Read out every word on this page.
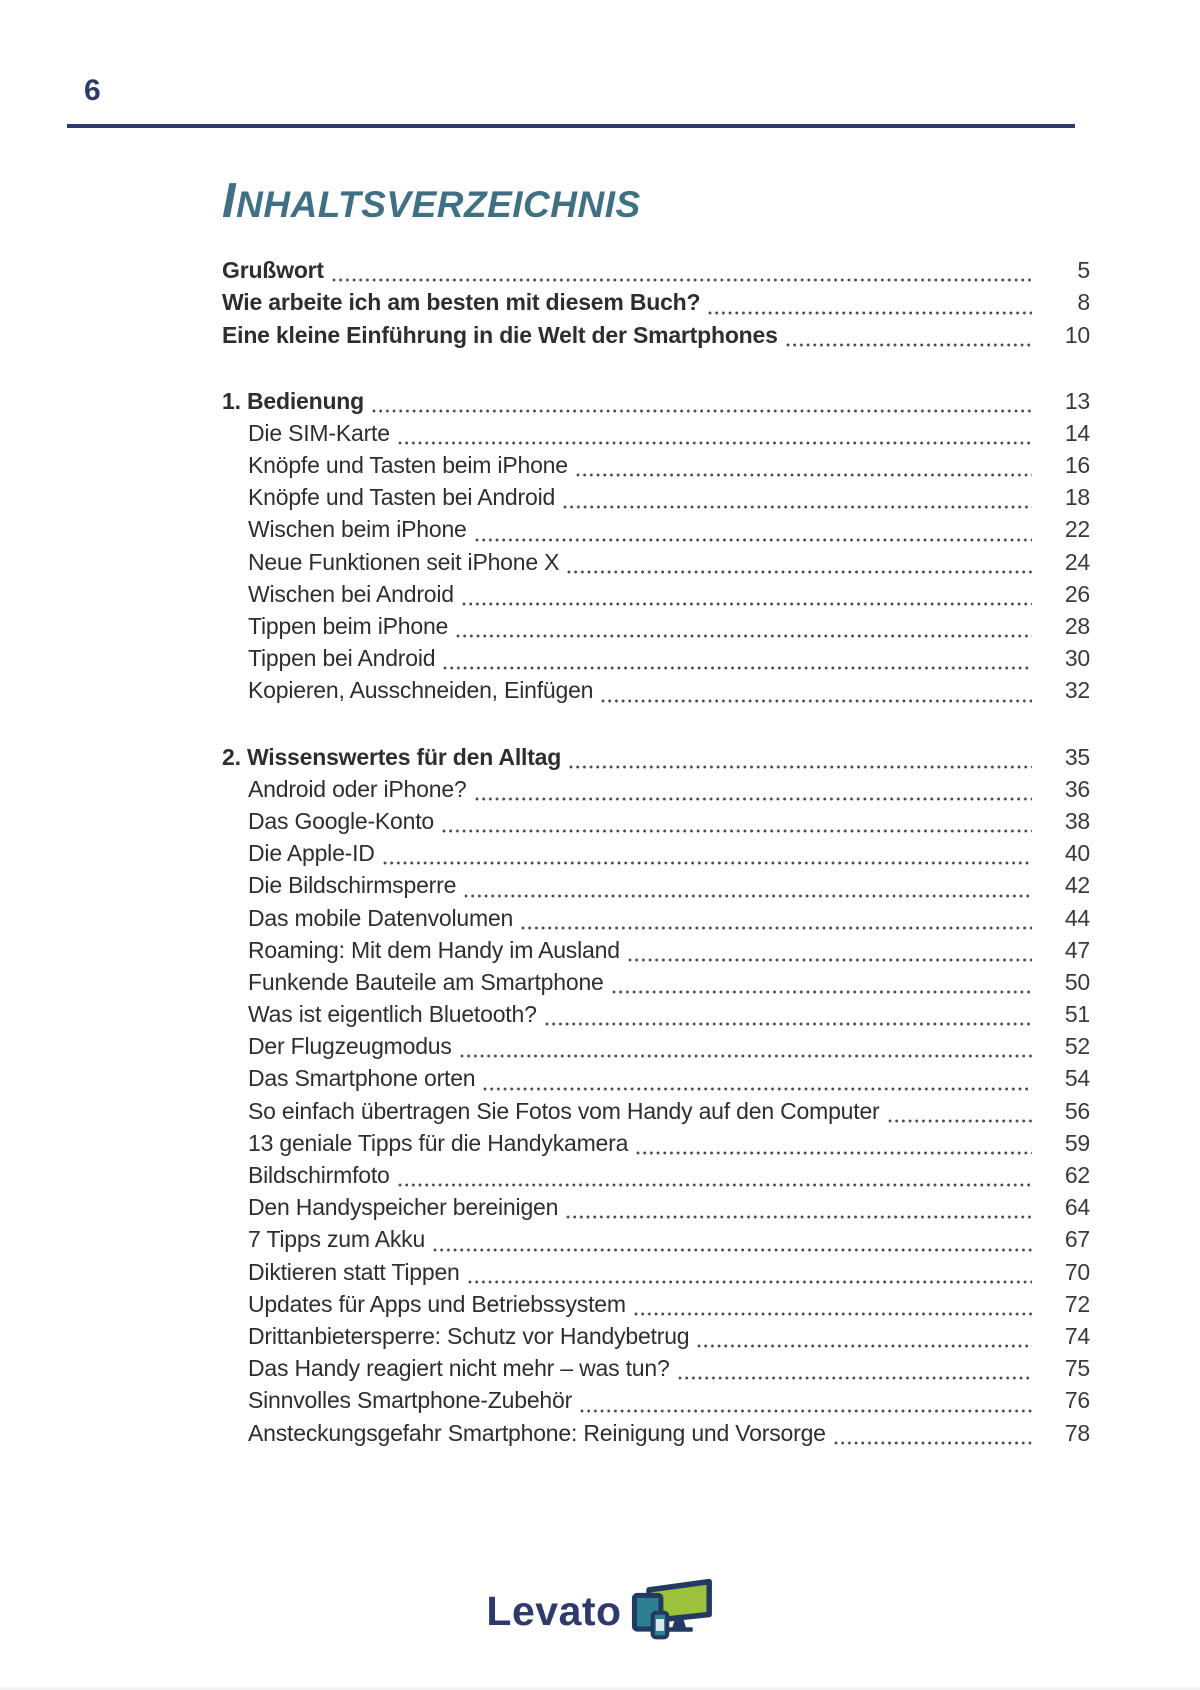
6
INHALTSVERZEICHNIS
Grußwort	5
Wie arbeite ich am besten mit diesem Buch?	8
Eine kleine Einführung in die Welt der Smartphones	10
1. Bedienung	13
Die SIM-Karte	14
Knöpfe und Tasten beim iPhone	16
Knöpfe und Tasten bei Android	18
Wischen beim iPhone	22
Neue Funktionen seit iPhone X	24
Wischen bei Android	26
Tippen beim iPhone	28
Tippen bei Android	30
Kopieren, Ausschneiden, Einfügen	32
2. Wissenswertes für den Alltag	35
Android oder iPhone?	36
Das Google-Konto	38
Die Apple-ID	40
Die Bildschirmsperre	42
Das mobile Datenvolumen	44
Roaming: Mit dem Handy im Ausland	47
Funkende Bauteile am Smartphone	50
Was ist eigentlich Bluetooth?	51
Der Flugzeugmodus	52
Das Smartphone orten	54
So einfach übertragen Sie Fotos vom Handy auf den Computer	56
13 geniale Tipps für die Handykamera	59
Bildschirmfoto	62
Den Handyspeicher bereinigen	64
7 Tipps zum Akku	67
Diktieren statt Tippen	70
Updates für Apps und Betriebssystem	72
Drittanbietersperre: Schutz vor Handybetrug	74
Das Handy reagiert nicht mehr – was tun?	75
Sinnvolles Smartphone-Zubehör	76
Ansteckungsgefahr Smartphone: Reinigung und Vorsorge	78
Levato
